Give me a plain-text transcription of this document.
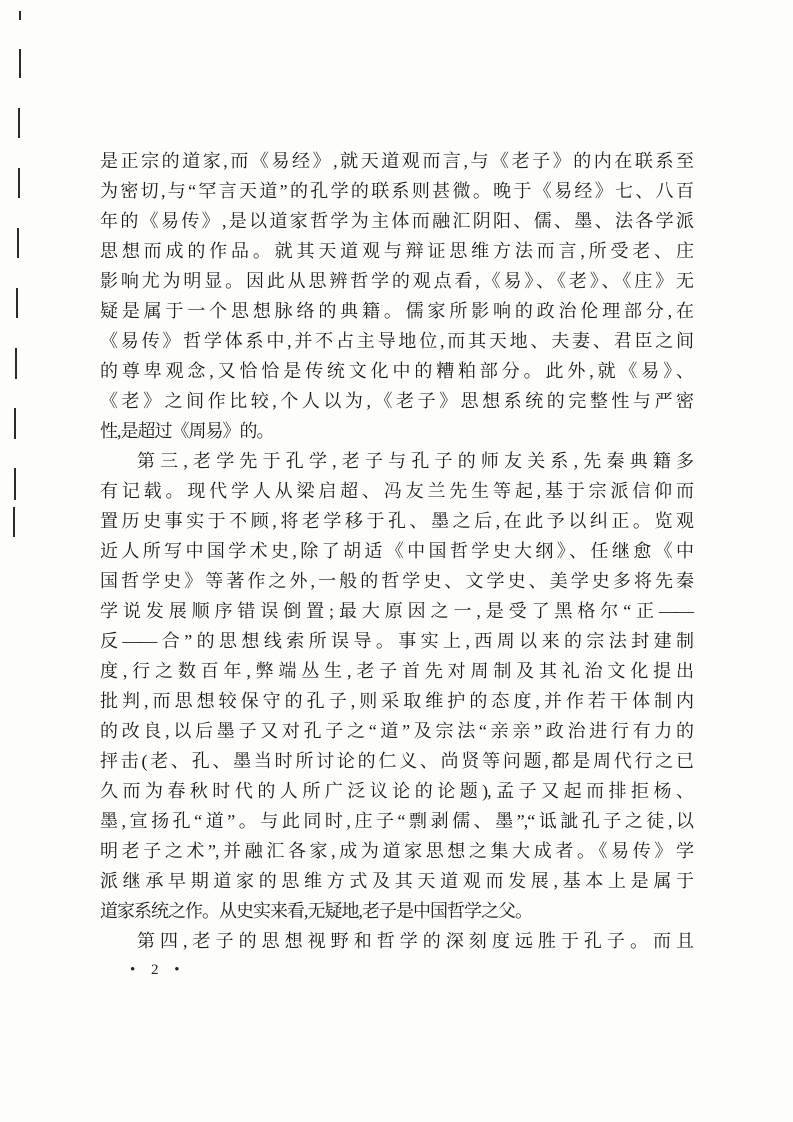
是正宗的道家,而《易经》,就天道观而言,与《老子》的内在联系至
为密切,与“罕言天道”的孔学的联系则甚微。晚于《易经》七、八百
年的《易传》,是以道家哲学为主体而融汇阴阳、儒、墨、法各学派
思想而成的作品。就其天道观与辩证思维方法而言,所受老、庄
影响尤为明显。因此从思辨哲学的观点看,《易》、《老》、《庄》无
疑是属于一个思想脉络的典籍。儒家所影响的政治伦理部分,在
《易传》哲学体系中,并不占主导地位,而其天地、夫妻、君臣之间
的尊卑观念,又恰恰是传统文化中的糟粕部分。此外,就《易》、
《老》之间作比较,个人以为,《老子》思想系统的完整性与严密
性,是超过《周易》的。
第三,老学先于孔学,老子与孔子的师友关系,先秦典籍多
有记载。现代学人从梁启超、冯友兰先生等起,基于宗派信仰而
置历史事实于不顾,将老学移于孔、墨之后,在此予以纠正。览观
近人所写中国学术史,除了胡适《中国哲学史大纲》、任继愈《中
国哲学史》等著作之外,一般的哲学史、文学史、美学史多将先秦
学说发展顺序错误倒置;最大原因之一,是受了黑格尔“正——
反——合”的思想线索所误导。事实上,西周以来的宗法封建制
度,行之数百年,弊端丛生,老子首先对周制及其礼治文化提出
批判,而思想较保守的孔子,则采取维护的态度,并作若干体制内
的改良,以后墨子又对孔子之“道”及宗法“亲亲”政治进行有力的
抨击(老、孔、墨当时所讨论的仁义、尚贤等问题,都是周代行之已
久而为春秋时代的人所广泛议论的论题),孟子又起而排拒杨、
墨,宣扬孔“道”。与此同时,庄子“剽剥儒、墨”,“诋訿孔子之徒,以
明老子之术”,并融汇各家,成为道家思想之集大成者。《易传》学
派继承早期道家的思维方式及其天道观而发展,基本上是属于
道家系统之作。从史实来看,无疑地,老子是中国哲学之父。
第四,老子的思想视野和哲学的深刻度远胜于孔子。而且
• 2 •
